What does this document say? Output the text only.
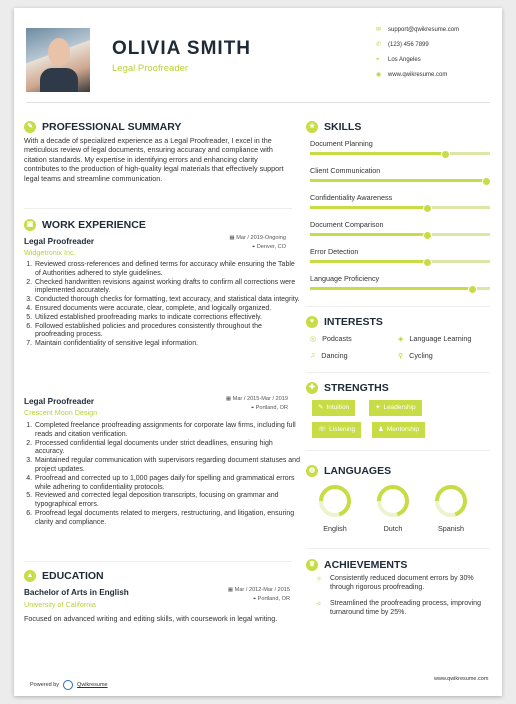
OLIVIA SMITH
Legal Proofreader
✉ support@qwikresume.com
✆ (123) 456 7899
⌖	Los Angeles
◉ www.qwikresume.com
✎ PROFESSIONAL SUMMARY
With a decade of specialized experience as a Legal Proofreader, I excel in the meticulous review of legal documents, ensuring accuracy and compliance with citation standards. My expertise in identifying errors and enhancing clarity contributes to the production of high-quality legal materials that effectively support legal teams and streamline communication.
▣ WORK EXPERIENCE
Legal Proofreader
Widgetronix Inc.
▦ Mar / 2019-Ongoing
⌖ Denver, CO
1. Reviewed cross-references and defined terms for accuracy while ensuring the Table of Authorities adhered to style guidelines.
2. Checked handwritten revisions against working drafts to confirm all corrections were implemented accurately.
3. Conducted thorough checks for formatting, text accuracy, and statistical data integrity.
4. Ensured documents were accurate, clear, complete, and logically organized.
5. Utilized established proofreading marks to indicate corrections effectively.
6. Followed established policies and procedures consistently throughout the proofreading process.
7. Maintain confidentiality of sensitive legal information.
Legal Proofreader
Crescent Moon Design
▦ Mar / 2015-Mar / 2019
⌖ Portland, OR
1. Completed freelance proofreading assignments for corporate law firms, including full reads and citation verification.
2. Processed confidential legal documents under strict deadlines, ensuring high accuracy.
3. Maintained regular communication with supervisors regarding document statuses and project updates.
4. Proofread and corrected up to 1,000 pages daily for spelling and grammatical errors while adhering to confidentiality protocols.
5. Reviewed and corrected legal deposition transcripts, focusing on grammar and typographical errors.
6. Proofread legal documents related to mergers, restructuring, and litigation, ensuring clarity and compliance.
▲ EDUCATION
Bachelor of Arts in English
University of California
▦ Mar / 2012-Mar / 2015
⌖ Portland, OR
Focused on advanced writing and editing skills, with coursework in legal writing.
★ SKILLS
♥ INTERESTS
◎ Podcasts	◈ Language Learning
♫ Dancing	⚲ Cycling
✚ STRENGTHS
✎ Intuition	✦ Leadership
☏ Listening	♟ Mentorship
◍ LANGUAGES
♛ ACHIEVEMENTS
✧ Consistently reduced document errors by 30% through rigorous proofreading.
✧ Streamlined the proofreading process, improving turnaround time by 25%.
www.qwikresume.com
Powered by	Qwikresume
Document Planning
Client Communication
Confidentiality Awareness
Document Comparison
Error Detection
Language Proficiency
English	Dutch	Spanish
